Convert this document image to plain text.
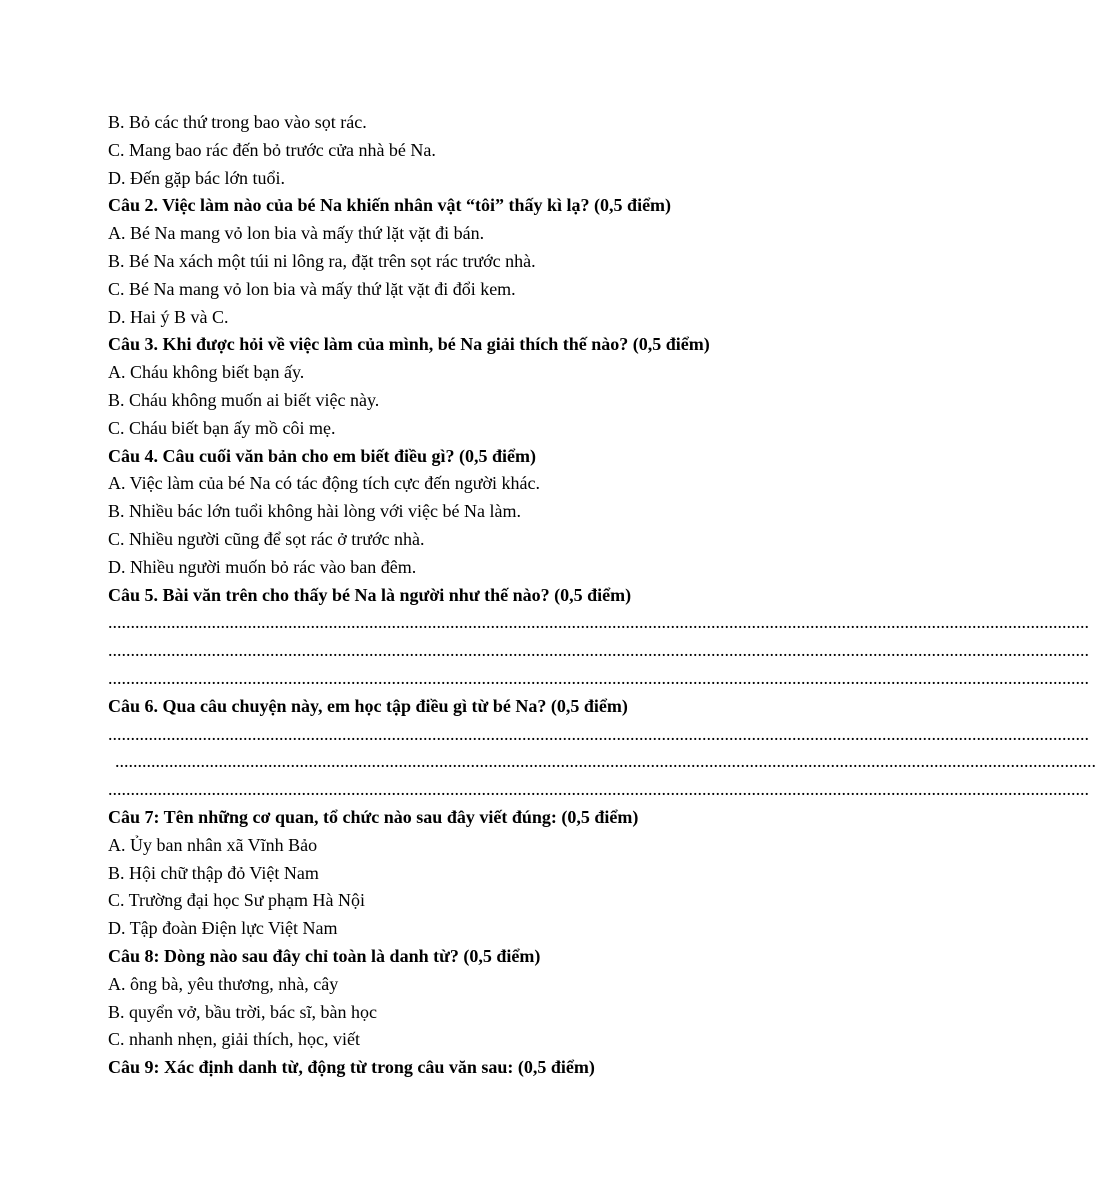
B. Bỏ các thứ trong bao vào sọt rác.
C. Mang bao rác đến bỏ trước cửa nhà bé Na.
D. Đến gặp bác lớn tuổi.
Câu 2. Việc làm nào của bé Na khiến nhân vật “tôi” thấy kì lạ? (0,5 điểm)
A. Bé Na mang vỏ lon bia và mấy thứ lặt vặt đi bán.
B. Bé Na xách một túi ni lông ra, đặt trên sọt rác trước nhà.
C. Bé Na mang vỏ lon bia và mấy thứ lặt vặt đi đổi kem.
D. Hai ý B và C.
Câu 3. Khi được hỏi về việc làm của mình, bé Na giải thích thế nào? (0,5 điểm)
A. Cháu không biết bạn ấy.
B. Cháu không muốn ai biết việc này.
C. Cháu biết bạn ấy mồ côi mẹ.
Câu 4. Câu cuối văn bản cho em biết điều gì? (0,5 điểm)
A. Việc làm của bé Na có tác động tích cực đến người khác.
B. Nhiều bác lớn tuổi không hài lòng với việc bé Na làm.
C. Nhiều người cũng để sọt rác ở trước nhà.
D. Nhiều người muốn bỏ rác vào ban đêm.
Câu 5. Bài văn trên cho thấy bé Na là người như thế nào? (0,5 điểm)
..........................................................................................................................................................................................................................
..........................................................................................................................................................................................................................
..........................................................................................................................................................................................................................
Câu 6. Qua câu chuyện này, em học tập điều gì từ bé Na? (0,5 điểm)
..........................................................................................................................................................................................................................
..........................................................................................................................................................................................................................
..........................................................................................................................................................................................................................
Câu 7: Tên những cơ quan, tổ chức nào sau đây viết đúng: (0,5 điểm)
A. Ủy ban nhân xã Vĩnh Bảo
B. Hội chữ thập đỏ Việt Nam
C. Trường đại học Sư phạm Hà Nội
D. Tập đoàn Điện lực Việt Nam
Câu 8: Dòng nào sau đây chỉ toàn là danh từ? (0,5 điểm)
A. ông bà, yêu thương, nhà, cây
B. quyển vở, bầu trời, bác sĩ, bàn học
C. nhanh nhẹn, giải thích, học, viết
Câu 9: Xác định danh từ, động từ trong câu văn sau: (0,5 điểm)
